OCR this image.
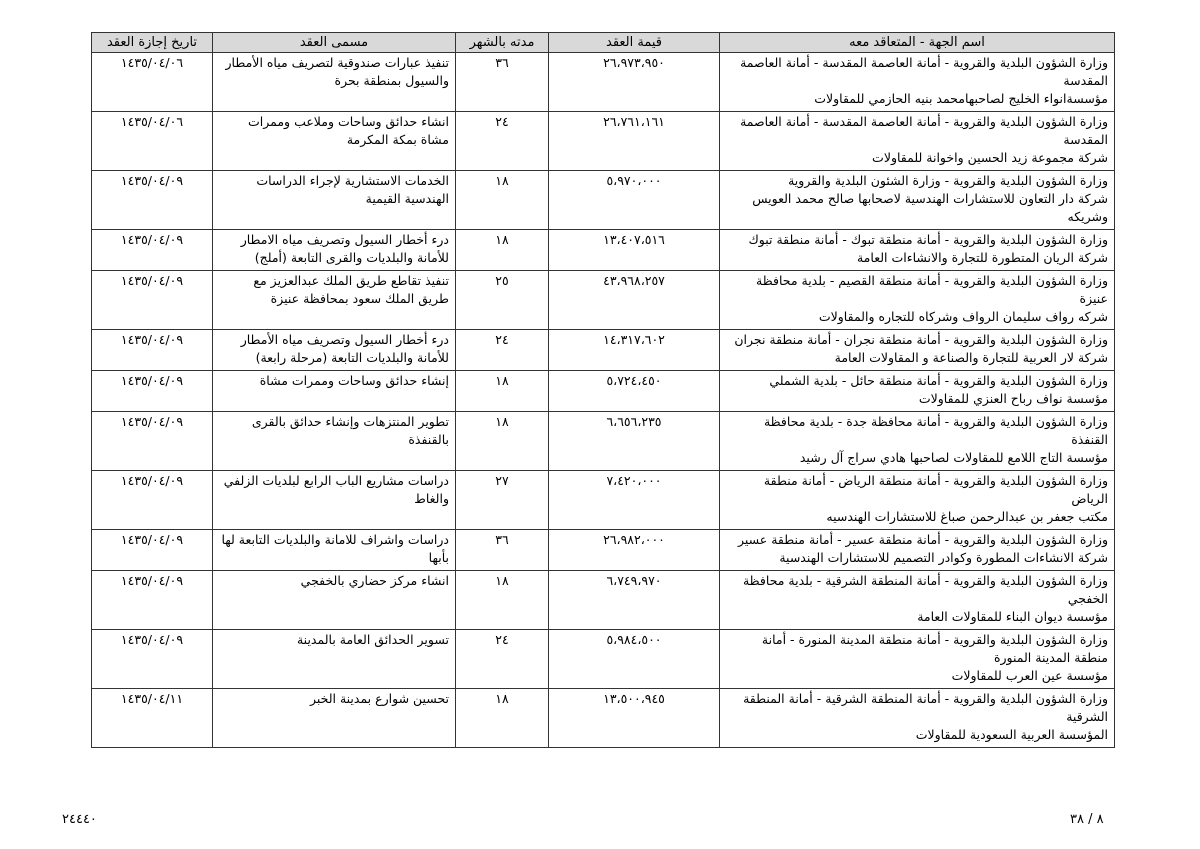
اسم الجهة - المتعاقد معه	قيمة العقد	مدته بالشهر	مسمى العقد	تاريخ إجازة العقد

وزارة الشؤون البلدية والقروية - أمانة العاصمة المقدسة - أمانة العاصمة المقدسة
مؤسسةانواء الخليج لصاحبهامحمد بنيه الحازمي للمقاولات	٢٦،٩٧٣،٩٥٠	٣٦	تنفيذ عبارات صندوقية لتصريف مياه الأمطار والسيول بمنطقة بحرة	١٤٣٥/٠٤/٠٦

وزارة الشؤون البلدية والقروية - أمانة العاصمة المقدسة - أمانة العاصمة المقدسة
شركة مجموعة زيد الحسين واخوانة للمقاولات	٢٦،٧٦١،١٦١	٢٤	انشاء حدائق وساحات وملاعب وممرات مشاة بمكة المكرمة	١٤٣٥/٠٤/٠٦

وزارة الشؤون البلدية والقروية - وزارة الشئون البلدية والقروية
شركة دار التعاون للاستشارات الهندسية لاصحابها صالح محمد العويس وشريكه	٥،٩٧٠،٠٠٠	١٨	الخدمات الاستشارية لإجراء الدراسات الهندسية القيمية	١٤٣٥/٠٤/٠٩

وزارة الشؤون البلدية والقروية - أمانة منطقة تبوك - أمانة منطقة تبوك
شركة الريان المتطورة للتجارة والانشاءات العامة	١٣،٤٠٧،٥١٦	١٨	درء أخطار السيول وتصريف مياه الامطار للأمانة والبلديات والقرى التابعة (أملج)	١٤٣٥/٠٤/٠٩

وزارة الشؤون البلدية والقروية - أمانة منطقة القصيم - بلدية محافظة عنيزة
شركه رواف سليمان الرواف وشركاه للتجاره والمقاولات	٤٣،٩٦٨،٢٥٧	٢٥	تنفيذ تقاطع طريق الملك عبدالعزيز مع طريق الملك سعود بمحافظة عنيزة	١٤٣٥/٠٤/٠٩

وزارة الشؤون البلدية والقروية - أمانة منطقة نجران - أمانة منطقة نجران
شركة لار العربية للتجارة والصناعة و المقاولات العامة	١٤،٣١٧،٦٠٢	٢٤	درء أخطار السيول وتصريف مياه الأمطار للأمانة والبلديات التابعة (مرحلة رابعة)	١٤٣٥/٠٤/٠٩

وزارة الشؤون البلدية والقروية - أمانة منطقة حائل - بلدية الشملي
مؤسسة نواف رباح العنزي للمقاولات	٥،٧٢٤،٤٥٠	١٨	إنشاء حدائق وساحات وممرات مشاة	١٤٣٥/٠٤/٠٩

وزارة الشؤون البلدية والقروية - أمانة محافظة جدة - بلدية محافظة القنفذة
مؤسسة التاج اللامع للمقاولات لصاحبها هادي سراج آل رشيد	٦،٦٥٦،٢٣٥	١٨	تطوير المنتزهات وإنشاء حدائق بالقرى بالقنفذة	١٤٣٥/٠٤/٠٩

وزارة الشؤون البلدية والقروية - أمانة منطقة الرياض - أمانة منطقة الرياض
مكتب جعفر بن عبدالرحمن صباغ للاستشارات الهندسيه	٧،٤٢٠،٠٠٠	٢٧	دراسات مشاريع الباب الرابع لبلديات الزلفي والغاط	١٤٣٥/٠٤/٠٩

وزارة الشؤون البلدية والقروية - أمانة منطقة عسير - أمانة منطقة عسير
شركة الانشاءات المطورة وكوادر التصميم للاستشارات الهندسية	٢٦،٩٨٢،٠٠٠	٣٦	دراسات واشراف للامانة والبلديات التابعة لها بأبها	١٤٣٥/٠٤/٠٩

وزارة الشؤون البلدية والقروية - أمانة المنطقة الشرقية - بلدية محافظة الخفجي
مؤسسة ديوان البناء للمقاولات العامة	٦،٧٤٩،٩٧٠	١٨	انشاء مركز حضاري بالخفجي	١٤٣٥/٠٤/٠٩

وزارة الشؤون البلدية والقروية - أمانة منطقة المدينة المنورة - أمانة منطقة المدينة المنورة
مؤسسة عين العرب للمقاولات	٥،٩٨٤،٥٠٠	٢٤	تسوير الحدائق العامة بالمدينة	١٤٣٥/٠٤/٠٩

وزارة الشؤون البلدية والقروية - أمانة المنطقة الشرقية - أمانة المنطقة الشرقية
المؤسسة العربية السعودية للمقاولات	١٣،٥٠٠،٩٤٥	١٨	تحسين شوارع بمدينة الخبر	١٤٣٥/٠٤/١١
٨ / ٣٨
٢٤٤٤٠
